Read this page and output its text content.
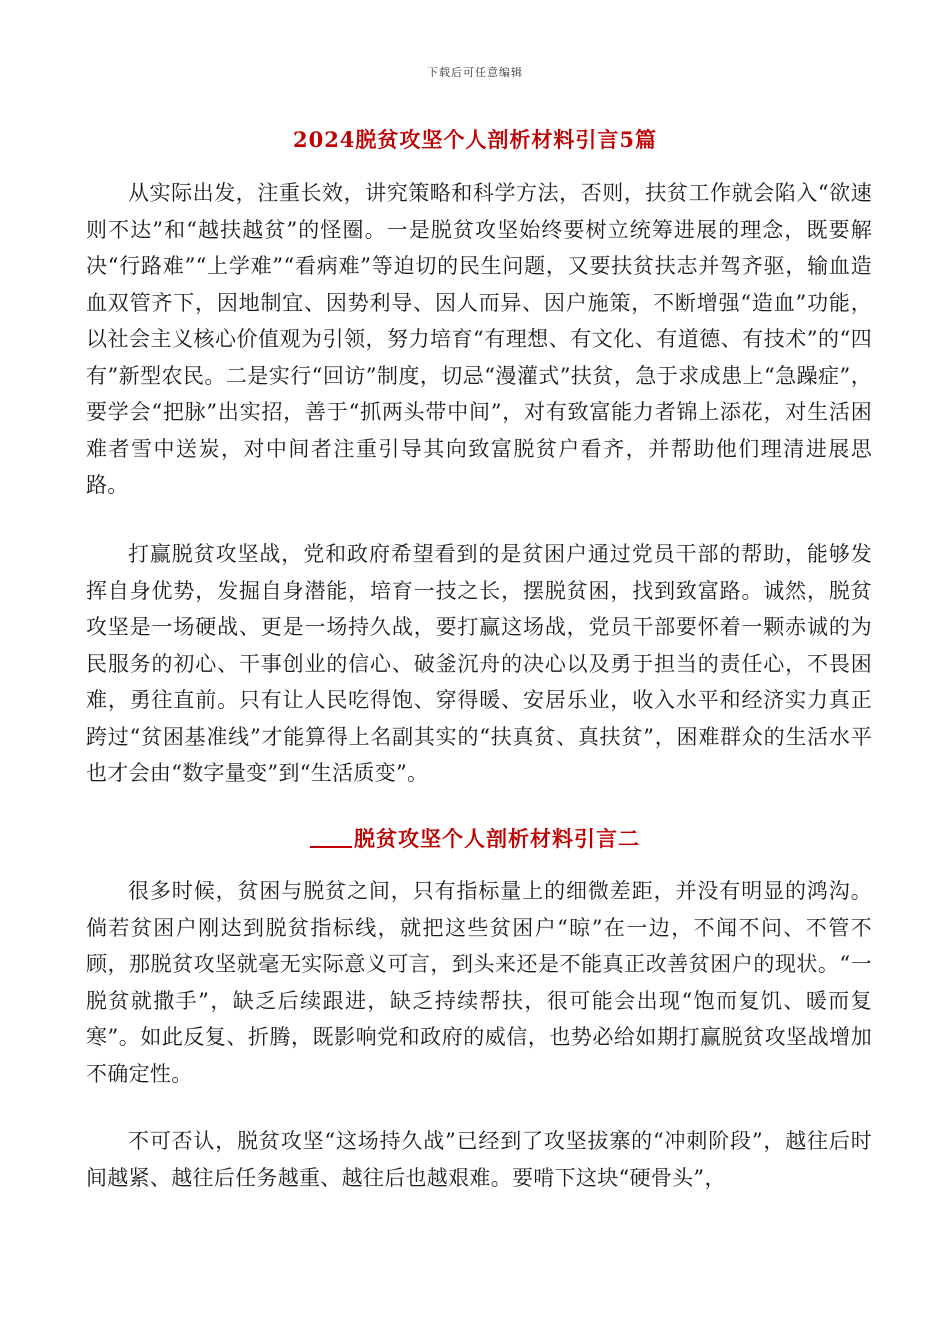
下载后可任意编辑
2024脱贫攻坚个人剖析材料引言5篇

从实际出发，注重长效，讲究策略和科学方法，否则，扶贫工作就会陷入“欲速则不达”和“越扶越贫”的怪圈。一是脱贫攻坚始终要树立统筹进展的理念，既要解决“行路难”“上学难”“看病难”等迫切的民生问题，又要扶贫扶志并驾齐驱，输血造血双管齐下，因地制宜、因势利导、因人而异、因户施策，不断增强“造血”功能，以社会主义核心价值观为引领，努力培育“有理想、有文化、有道德、有技术”的“四有”新型农民。二是实行“回访”制度，切忌“漫灌式”扶贫，急于求成患上“急躁症”，要学会“把脉”出实招，善于“抓两头带中间”，对有致富能力者锦上添花，对生活困难者雪中送炭，对中间者注重引导其向致富脱贫户看齐，并帮助他们理清进展思路。

打赢脱贫攻坚战，党和政府希望看到的是贫困户通过党员干部的帮助，能够发挥自身优势，发掘自身潜能，培育一技之长，摆脱贫困，找到致富路。诚然，脱贫攻坚是一场硬战、更是一场持久战，要打赢这场战，党员干部要怀着一颗赤诚的为民服务的初心、干事创业的信心、破釜沉舟的决心以及勇于担当的责任心，不畏困难，勇往直前。只有让人民吃得饱、穿得暖、安居乐业，收入水平和经济实力真正跨过“贫困基准线”才能算得上名副其实的“扶真贫、真扶贫”，困难群众的生活水平也才会由“数字量变”到“生活质变”。

脱贫攻坚个人剖析材料引言二

很多时候，贫困与脱贫之间，只有指标量上的细微差距，并没有明显的鸿沟。倘若贫困户刚达到脱贫指标线，就把这些贫困户“晾”在一边，不闻不问、不管不顾，那脱贫攻坚就毫无实际意义可言，到头来还是不能真正改善贫困户的现状。“一脱贫就撒手”，缺乏后续跟进，缺乏持续帮扶，很可能会出现“饱而复饥、暖而复寒”。如此反复、折腾，既影响党和政府的威信，也势必给如期打赢脱贫攻坚战增加不确定性。

不可否认，脱贫攻坚“这场持久战”已经到了攻坚拔寨的“冲刺阶段”，越往后时间越紧、越往后任务越重、越往后也越艰难。要啃下这块“硬骨头”，
